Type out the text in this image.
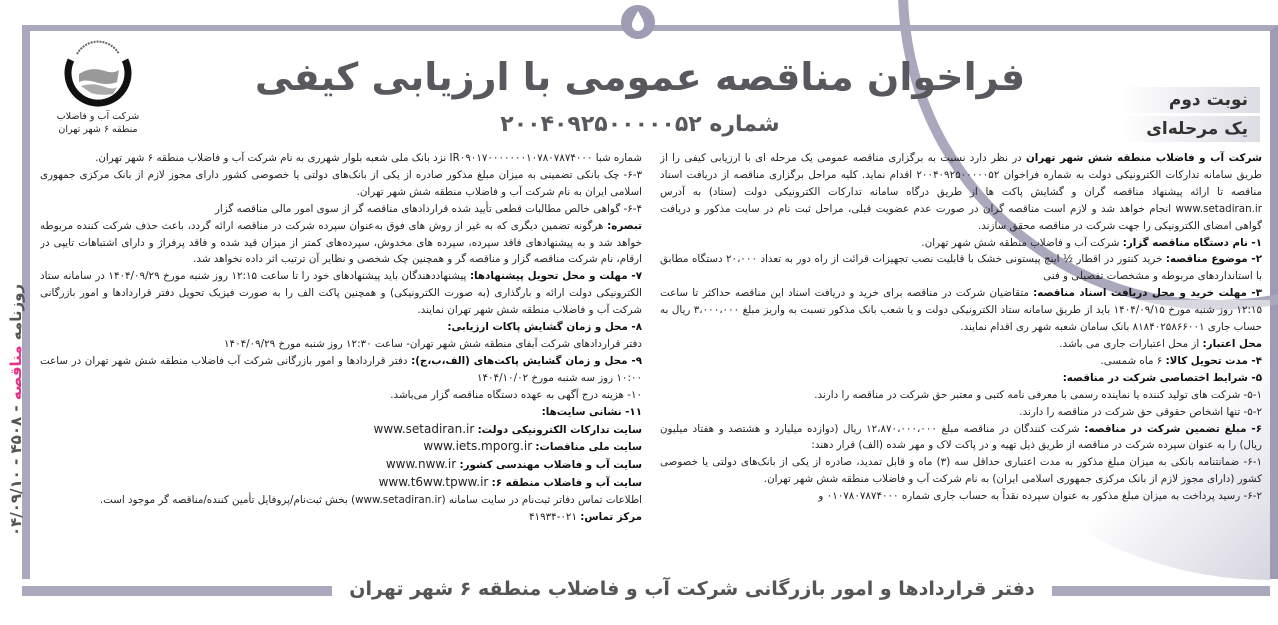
شرکت آب و فاضلاب
منطقه ۶ شهر تهران
فراخوان مناقصه عمومی با ارزیابی کیفی
شماره ۲۰۰۴۰۹۲۵۰۰۰۰۰۵۲
نوبت دوم
یک مرحله‌ای
روزنامه مناقصه - ۴۵۰۸ - ۰۴/۰۹/۱۰

شرکت آب و فاضلاب منطقه شش شهر تهران در نظر دارد نسبت به برگزاری مناقصه عمومی یک مرحله ای با ارزیابی کیفی را از طریق سامانه تدارکات الکترونیکی دولت به شماره فراخوان ۲۰۰۴۰۹۲۵۰۰۰۰۰۵۲ اقدام نماید. کلیه مراحل برگزاری مناقصه از دریافت اسناد مناقصه تا ارائه پیشنهاد مناقصه گران و گشایش پاکت ها از طریق درگاه سامانه تدارکات الکترونیکی دولت (ستاد) به آدرس www.setadiran.ir انجام خواهد شد و لازم است مناقصه گران در صورت عدم عضویت قبلی، مراحل ثبت نام در سایت مذکور و دریافت گواهی امضای الکترونیکی را جهت شرکت در مناقصه محقق سازند.

۱- نام دستگاه مناقصه گزار: شرکت آب و فاضلاب منطقه شش شهر تهران.

۲- موضوع مناقصه: خرید کنتور در اقطار ½ اینچ پیستونی خشک با قابلیت نصب تجهیزات قرائت از راه دور به تعداد ۲۰،۰۰۰ دستگاه مطابق با استانداردهای مربوطه و مشخصات تفصیلی و فنی

۳- مهلت خرید و محل دریافت اسناد مناقصه: متقاضیان شرکت در مناقصه برای خرید و دریافت اسناد این مناقصه حداکثر تا ساعت ۱۲:۱۵ روز شنبه مورخ ۱۴۰۴/۰۹/۱۵ باید از طریق سامانه ستاد الکترونیکی دولت و یا شعب بانک مذکور نسبت به واریز مبلغ ۳،۰۰۰،۰۰۰ ریال به حساب جاری ۸۱۸۴۰۲۵۸۶۶۰۰۱ بانک سامان شعبه شهر ری اقدام نمایند.

محل اعتبار: از محل اعتبارات جاری می باشد.

۴- مدت تحویل کالا: ۶ ماه شمسی.

۵- شرایط اختصاصی شرکت در مناقصه:

۵-۱- شرکت های تولید کننده یا نماینده رسمی با معرفی نامه کتبی و معتبر حق شرکت در مناقصه را دارند.

۵-۲- تنها اشخاص حقوقی حق شرکت در مناقصه را دارند.

۶- مبلغ تضمین شرکت در مناقصه: شرکت کنندگان در مناقصه مبلغ ۱۲،۸۷۰،۰۰۰،۰۰۰ ریال (دوازده میلیارد و هشتصد و هفتاد میلیون ریال) را به عنوان سپرده شرکت در مناقصه از طریق ذیل تهیه و در پاکت لاک و مهر شده (الف) قرار دهند:

۶-۱- ضمانتنامه بانکی به میزان مبلغ مذکور به مدت اعتباری حداقل سه (۳) ماه و قابل تمدید، صادره از یکی از بانک‌های دولتی یا خصوصی کشور (دارای مجوز لازم از بانک مرکزی جمهوری اسلامی ایران) به نام شرکت آب و فاضلاب منطقه شش شهر تهران.

۶-۲- رسید پرداخت به میزان مبلغ مذکور به عنوان سپرده نقداً به حساب جاری شماره ۰۱۰۷۸۰۷۸۷۴۰۰۰ و

شماره شبا IR۰۹۰۱۷۰۰۰۰۰۰۰۱۰۷۸۰۷۸۷۴۰۰۰ نزد بانک ملی شعبه بلوار شهرری به نام شرکت آب و فاضلاب منطقه ۶ شهر تهران.

۶-۳- چک بانکی تضمینی به میزان مبلغ مذکور صادره از یکی از بانک‌های دولتی یا خصوصی کشور دارای مجوز لازم از بانک مرکزی جمهوری اسلامی ایران به نام شرکت آب و فاضلاب منطقه شش شهر تهران.

۶-۴- گواهی خالص مطالبات قطعی تأیید شده قراردادهای مناقصه گر از سوی امور مالی مناقصه گزار

تبصره: هرگونه تضمین دیگری که به غیر از روش های فوق به‌عنوان سپرده شرکت در مناقصه ارائه گردد، باعث حذف شرکت کننده مربوطه خواهد شد و به پیشنهادهای فاقد سپرده، سپرده های مخدوش، سپرده‌های کمتر از میزان قید شده و فاقد پرفراژ و دارای اشتباهات تایپی در ارقام، نام شرکت مناقصه گزار و مناقصه گر و همچنین چک شخصی و نظایر آن ترتیب اثر داده نخواهد شد.

۷- مهلت و محل تحویل پیشنهادها: پیشنهاددهندگان باید پیشنهادهای خود را تا ساعت ۱۲:۱۵ روز شنبه مورخ ۱۴۰۴/۰۹/۲۹ در سامانه ستاد الکترونیکی دولت ارائه و بارگذاری (به صورت الکترونیکی) و همچنین پاکت الف را به صورت فیزیک تحویل دفتر قراردادها و امور بازرگانی شرکت آب و فاضلاب منطقه شش شهر تهران نمایند.

۸- محل و زمان گشایش پاکات ارزیابی:

دفتر قراردادهای شرکت آبفای منطقه شش شهر تهران- ساعت ۱۲:۳۰ روز شنبه مورخ ۱۴۰۴/۰۹/۲۹

۹- محل و زمان گشایش پاکت‌های (الف،ب،ج): دفتر قراردادها و امور بازرگانی شرکت آب فاضلاب منطقه شش شهر تهران در ساعت ۱۰:۰۰ روز سه شنبه مورخ ۱۴۰۴/۱۰/۰۲

۱۰- هزینه درج آگهی به عهده دستگاه مناقصه گزار می‌باشد.

۱۱- نشانی سایت‌ها:

سایت تدارکات الکترونیکی دولت: www.setadiran.ir

سایت ملی مناقصات: www.iets.mporg.ir

سایت آب و فاضلاب مهندسی کشور: www.nww.ir

سایت آب و فاضلاب منطقه ۶: www.t6ww.tpww.ir

اطلاعات تماس دفاتر ثبت‌نام در سایت سامانه (www.setadiran.ir) بخش ثبت‌نام/پروفایل تأمین کننده/مناقصه گر موجود است.

مرکز تماس: ۰۲۱-۴۱۹۳۴

دفتر قراردادها و امور بازرگانی شرکت آب و فاضلاب منطقه ۶ شهر تهران
